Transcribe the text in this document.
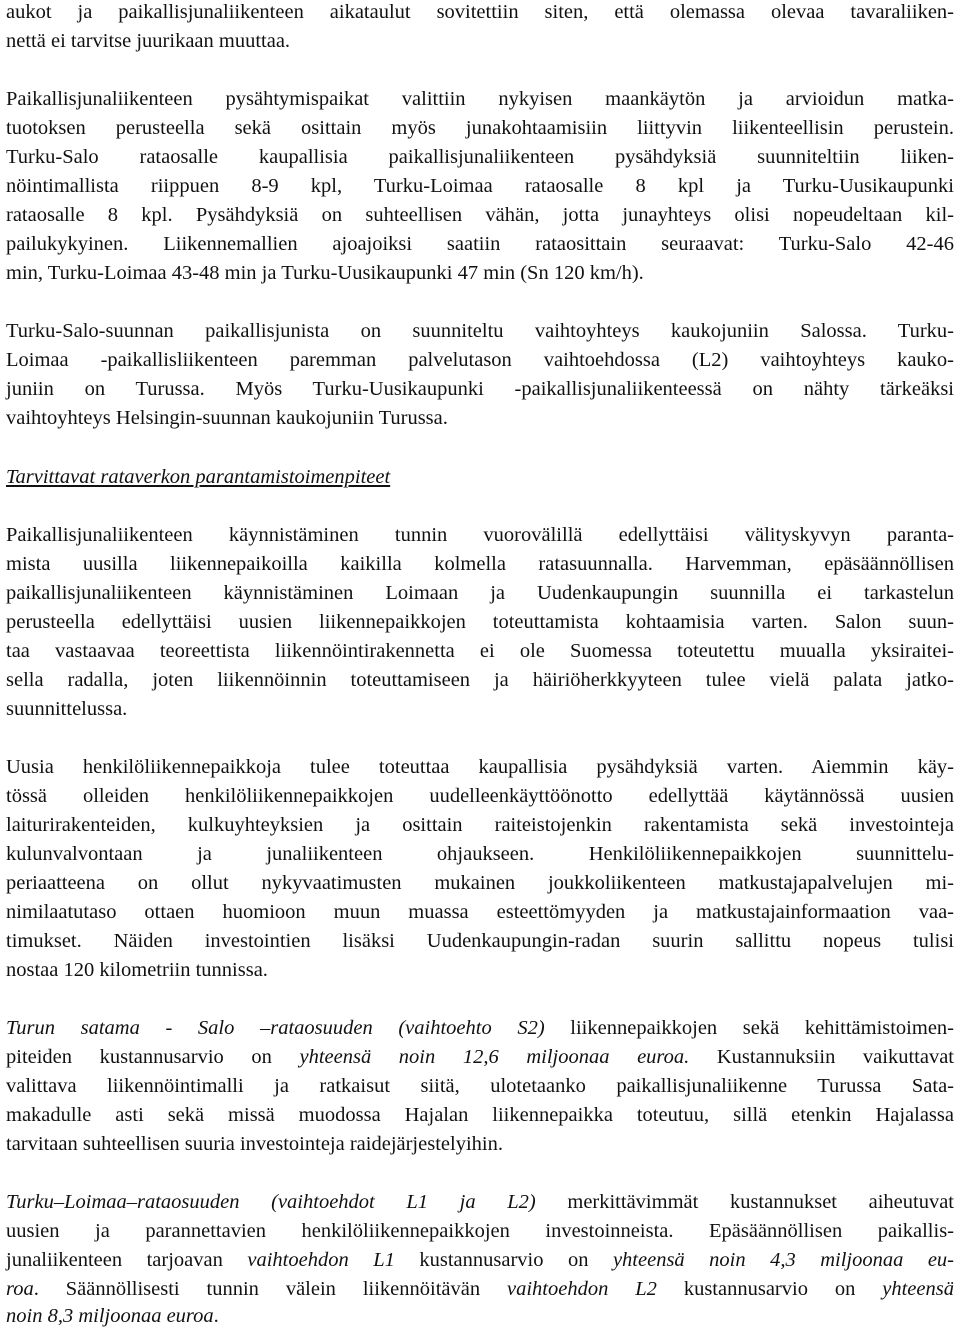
aukot ja paikallisjunaliikenteen aikataulut sovitettiin siten, että olemassa olevaa tavaraliiken-
nettä ei tarvitse juurikaan muuttaa.
Paikallisjunaliikenteen pysähtymispaikat valittiin nykyisen maankäytön ja arvioidun matka-
tuotoksen perusteella sekä osittain myös junakohtaamisiin liittyvin liikenteellisin perustein.
Turku-Salo rataosalle kaupallisia paikallisjunaliikenteen pysähdyksiä suunniteltiin liiken-
nöintimallista riippuen 8-9 kpl, Turku-Loimaa rataosalle 8 kpl ja Turku-Uusikaupunki
rataosalle 8 kpl. Pysähdyksiä on suhteellisen vähän, jotta junayhteys olisi nopeudeltaan kil-
pailukykyinen. Liikennemallien ajoajoiksi saatiin rataosittain seuraavat: Turku-Salo 42-46
min, Turku-Loimaa 43-48 min ja Turku-Uusikaupunki 47 min (Sn 120 km/h).
Turku-Salo-suunnan paikallisjunista on suunniteltu vaihtoyhteys kaukojuniin Salossa. Turku-
Loimaa -paikallisliikenteen paremman palvelutason vaihtoehdossa (L2) vaihtoyhteys kauko-
juniin on Turussa. Myös Turku-Uusikaupunki -paikallisjunaliikenteessä on nähty tärkeäksi
vaihtoyhteys Helsingin-suunnan kaukojuniin Turussa.
Tarvittavat rataverkon parantamistoimenpiteet
Paikallisjunaliikenteen käynnistäminen tunnin vuorovälillä edellyttäisi välityskyvyn paranta-
mista uusilla liikennepaikoilla kaikilla kolmella ratasuunnalla. Harvemman, epäsäännöllisen
paikallisjunaliikenteen käynnistäminen Loimaan ja Uudenkaupungin suunnilla ei tarkastelun
perusteella edellyttäisi uusien liikennepaikkojen toteuttamista kohtaamisia varten. Salon suun-
taa vastaavaa teoreettista liikennöintirakennetta ei ole Suomessa toteutettu muualla yksiraitei-
sella radalla, joten liikennöinnin toteuttamiseen ja häiriöherkkyyteen tulee vielä palata jatko-
suunnittelussa.
Uusia henkilöliikennepaikkoja tulee toteuttaa kaupallisia pysähdyksiä varten. Aiemmin käy-
tössä olleiden henkilöliikennepaikkojen uudelleenkäyttöönotto edellyttää käytännössä uusien
laiturirakenteiden, kulkuyhteyksien ja osittain raiteistojenkin rakentamista sekä investointeja
kulunvalvontaan ja junaliikenteen ohjaukseen. Henkilöliikennepaikkojen suunnittelu-
periaatteena on ollut nykyvaatimusten mukainen joukkoliikenteen matkustajapalvelujen mi-
nimilaatutaso ottaen huomioon muun muassa esteettömyyden ja matkustajainformaation vaa-
timukset. Näiden investointien lisäksi Uudenkaupungin-radan suurin sallittu nopeus tulisi
nostaa 120 kilometriin tunnissa.
Turun satama - Salo –rataosuuden (vaihtoehto S2) liikennepaikkojen sekä kehittämistoimen-
piteiden kustannusarvio on yhteensä noin 12,6 miljoonaa euroa. Kustannuksiin vaikuttavat
valittava liikennöintimalli ja ratkaisut siitä, ulotetaanko paikallisjunaliikenne Turussa Sata-
makadulle asti sekä missä muodossa Hajalan liikennepaikka toteutuu, sillä etenkin Hajalassa
tarvitaan suhteellisen suuria investointeja raidejärjestelyihin.
Turku–Loimaa–rataosuuden (vaihtoehdot L1 ja L2) merkittävimmät kustannukset aiheutuvat
uusien ja parannettavien henkilöliikennepaikkojen investoinneista. Epäsäännöllisen paikallis-
junaliikenteen tarjoavan vaihtoehdon L1 kustannusarvio on yhteensä noin 4,3 miljoonaa eu-
roa. Säännöllisesti tunnin välein liikennöitävän vaihtoehdon L2 kustannusarvio on yhteensä
noin 8,3 miljoonaa euroa.
